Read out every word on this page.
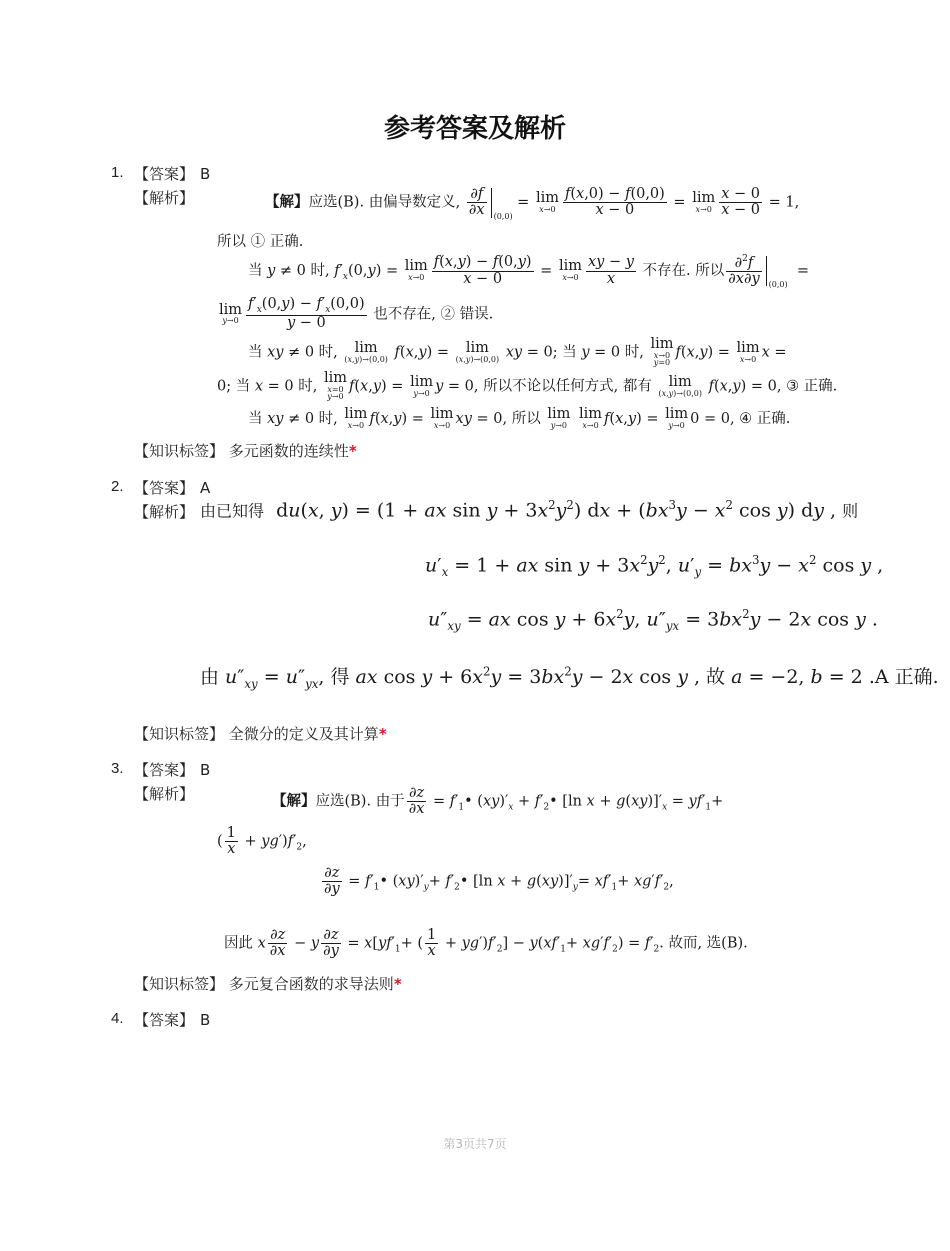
参考答案及解析
1. 【答案】 B
【解析】	【解】应选(B). 由偏导数定义, $\frac{\partial f}{\partial x} _{(0,0)} = \lim$
$x\to 0 \frac{f(x,0) - f(0,0)}{x - 0} = \lim$
$x\to 0 \frac{x - 0}{x - 0} = 1$,
所以 ① 正确.
当 y ≠ 0 时, $f'_x(0,y) = \lim$
$x\to 0 \frac{f(x,y) - f(0,y)}{x - 0} = \lim$
$x\to 0 \frac{xy - y}{x}$ 不存在. 所以 $\frac{\partial^2f}{\partial x\partial y} _{(0,0)}$  =
lim
$y\to 0 \frac{f'_x(0,y) - f'_x(0,0)}{y - 0}$ 也不存在, ② 错误.
当 xy ≠ 0 时, lim
(x,y)→(0,0) f(x,y) = lim
(x,y)→(0,0) xy = 0; 当 y = 0 时, lim
x→0
y=0
f(x,y) = lim
x→0 x =
0; 当 x = 0 时, lim
x=0
y→0
f(x,y) = lim
y→0 y = 0, 所以不论以任何方式, 都有 lim
(x,y)→(0,0) f(x,y) = 0, ③ 正确.
当 xy ≠ 0 时, lim
x→0 f(x,y) = lim
x→0 xy = 0, 所以 lim
y→0
lim
x→0 f(x,y) = lim
y→0 0 = 0, ④ 正确.
【知识标签】 多元函数的连续性*
2. 【答案】 A
【解析】 由已知得  du(x, y) = (1 + ax $\sin y + 3x^2y^2$) dx + ($bx^3y - x^2$ cos y) dy , 则
$u'_x = 1$ + ax $\sin y + 3x^2y^2$, $u'_y = bx^3y - x^2$ cos y ,
$u''_{xy}$ = ax $\cos y + 6x^2y$, $u''_{yx} = 3bx^2y - 2x$ cos y .
由 $u''_{xy} = u''_{yx}$, 得 ax $\cos y + 6x^2y = 3bx^2y - 2x$ cos y , 故 a = −2, b = 2 .A 正确.
【知识标签】 全微分的定义及其计算*
3. 【答案】 B
【解析】	【解】应选(B). 由于 $\frac{\partial z}{\partial x}$ = $f'_1•$ $(xy)'_x$ + $f'_2•$ [ln $x + g(xy)]'_x = yf'_1+$
( $\frac{1}{x} + yg')f'_2$,
$\frac{\partial z}{\partial y}$ = $f'_1•$ $(xy)'_y+$ $f'_2•$ [ln $x + g(xy)]'_y= xf'_1+ xg'f'_2$,
因此 x $\frac{\partial z}{\partial x} - y \frac{\partial z}{\partial y} = x[yf'_1+$ ( $\frac{1}{x} + yg')f'_2] - y(xf'_1+ xg'f'_2) = f'_2$. 故而, 选(B).
【知识标签】 多元复合函数的求导法则*
4. 【答案】 B
第3页共7页
